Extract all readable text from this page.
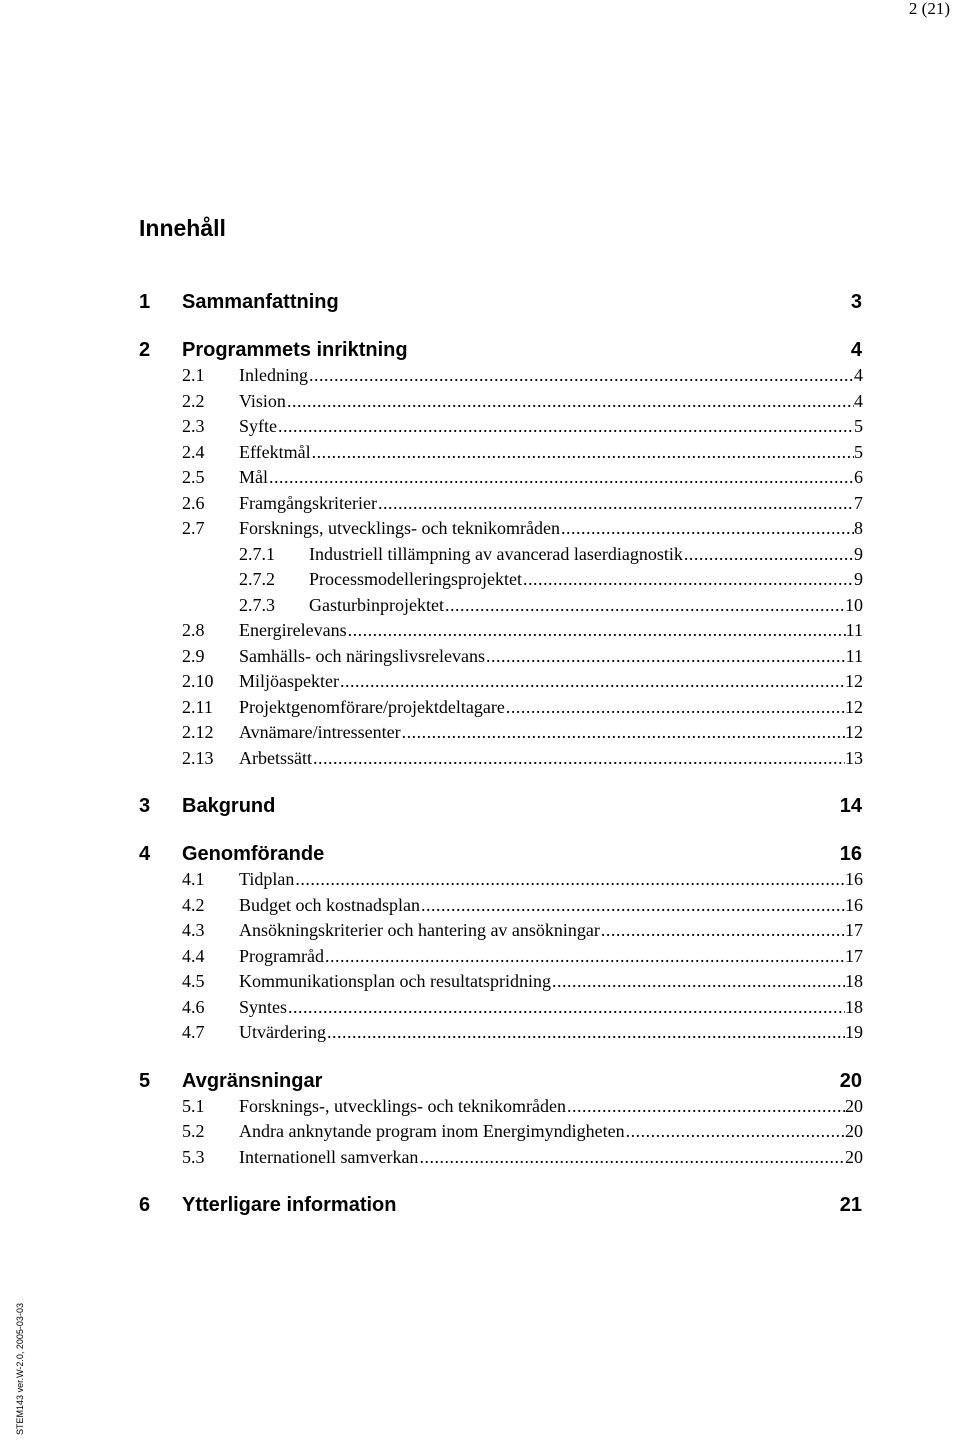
2 (21)
Innehåll
1 Sammanfattning	3
2 Programmets inriktning	4
2.1	Inledning .....	4
2.2	Vision .....	4
2.3	Syfte .....	5
2.4	Effektmål .....	5
2.5	Mål .....	6
2.6	Framgångskriterier .....	7
2.7	Forsknings, utvecklings- och teknikområden .....	8
2.7.1	Industriell tillämpning av avancerad laserdiagnostik .....	9
2.7.2	Processmodelleringsprojektet .....	9
2.7.3	Gasturbinprojektet .....	10
2.8	Energirelevans .....	11
2.9	Samhälls- och näringslivsrelevans .....	11
2.10	Miljöaspekter .....	12
2.11	Projektgenomförare/projektdeltagare .....	12
2.12	Avnämare/intressenter .....	12
2.13	Arbetssätt .....	13
3 Bakgrund	14
4 Genomförande	16
4.1	Tidplan .....	16
4.2	Budget och kostnadsplan .....	16
4.3	Ansökningskriterier och hantering av ansökningar .....	17
4.4	Programråd .....	17
4.5	Kommunikationsplan och resultatspridning .....	18
4.6	Syntes .....	18
4.7	Utvärdering .....	19
5 Avgränsningar	20
5.1	Forsknings-, utvecklings- och teknikområden .....	20
5.2	Andra anknytande program inom Energimyndigheten .....	20
5.3	Internationell samverkan .....	20
6 Ytterligare information	21
STEM143 ver.W-2.0, 2005-03-03
